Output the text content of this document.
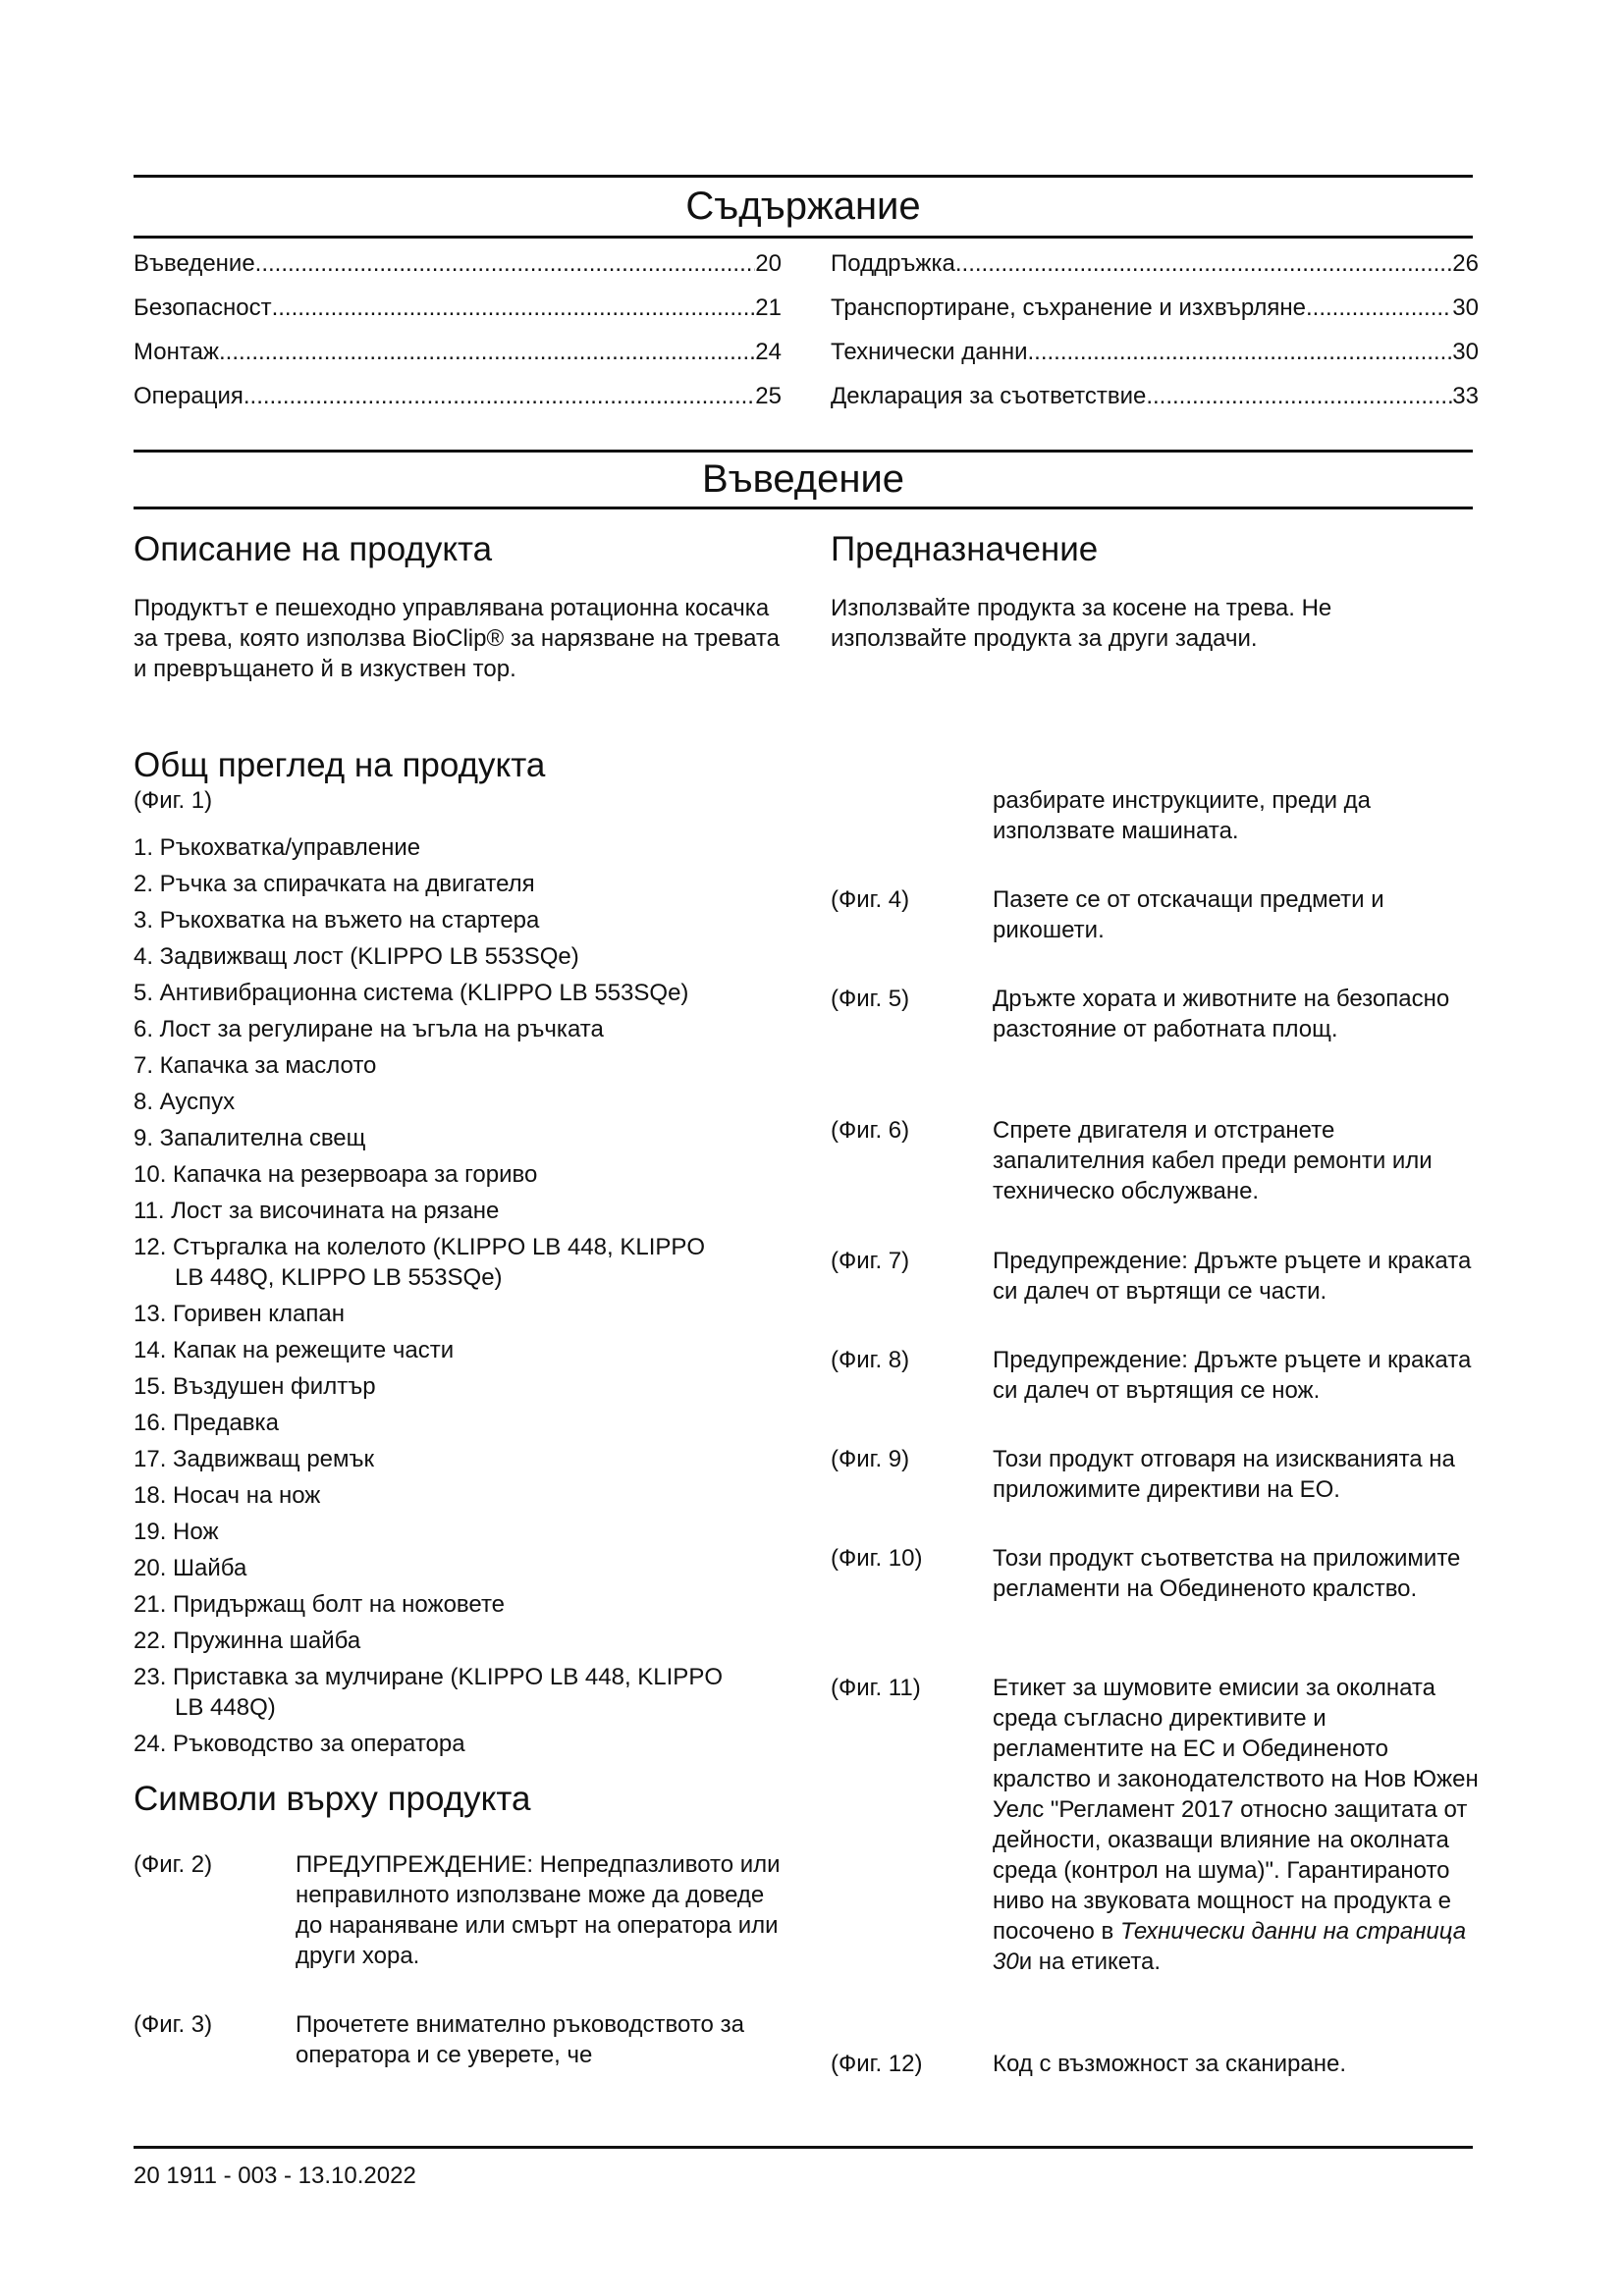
Съдържание
Въведение .....	20
Безопасност .....	21
Монтаж .....	24
Операция .....	25
Поддръжка .....	26
Транспортиране, съхранение и изхвърляне .....	30
Технически данни .....	30
Декларация за съответствие .....	33
Въведение
Описание на продукта

Продуктът е пешеходно управлявана ротационна косачка за трева, която използва BioClip® за нарязване на тревата и превръщането й в изкуствен тор.

Предназначение

Използвайте продукта за косене на трева. Не използвайте продукта за други задачи.

Общ преглед на продукта

(Фиг. 1)

1. Ръкохватка/управление
2. Ръчка за спирачката на двигателя
3. Ръкохватка на въжето на стартера
4. Задвижващ лост (KLIPPO LB 553SQe)
5. Антивибрационна система (KLIPPO LB 553SQe)
6. Лост за регулиране на ъгъла на ръчката
7. Капачка за маслото
8. Ауспух
9. Запалителна свещ
10. Капачка на резервоара за гориво
11. Лост за височината на рязане
12. Стъргалка на колелото (KLIPPO LB 448, KLIPPO
LB 448Q, KLIPPO LB 553SQe)
13. Горивен клапан
14. Капак на режещите части
15. Въздушен филтър
16. Предавка
17. Задвижващ ремък
18. Носач на нож
19. Нож
20. Шайба
21. Придържащ болт на ножовете
22. Пружинна шайба
23. Приставка за мулчиране (KLIPPO LB 448, KLIPPO
LB 448Q)
24. Ръководство за оператора
Символи върху продукта
(Фиг. 2)	ПРЕДУПРЕЖДЕНИЕ: Непредпазливото или неправилното използване може да доведе до нараняване или смърт на оператора или други хора.
(Фиг. 3)	Прочетете внимателно ръководството за оператора и се уверете, че
разбирате инструкциите, преди да използвате машината.
(Фиг. 4)	Пазете се от отскачащи предмети и рикошети.
(Фиг. 5)	Дръжте хората и животните на безопасно разстояние от работната площ.
(Фиг. 6)	Спрете двигателя и отстранете запалителния кабел преди ремонти или техническо обслужване.
(Фиг. 7)	Предупреждение: Дръжте ръцете и краката си далеч от въртящи се части.
(Фиг. 8)	Предупреждение: Дръжте ръцете и краката си далеч от въртящия се нож.
(Фиг. 9)	Този продукт отговаря на изискванията на приложимите директиви на ЕО.
(Фиг. 10)	Този продукт съответства на приложимите регламенти на Обединеното кралство.
(Фиг. 11)	Етикет за шумовите емисии за околната среда съгласно директивите и регламентите на ЕС и Обединеното кралство и законодателството на Нов Южен Уелс "Регламент 2017 относно защитата от дейности, оказващи влияние на околната среда (контрол на шума)". Гарантираното ниво на звуковата мощност на продукта е посочено в Технически данни на страница 30и на етикета.
(Фиг. 12)	Код с възможност за сканиране.
20 1911 - 003 - 13.10.2022
